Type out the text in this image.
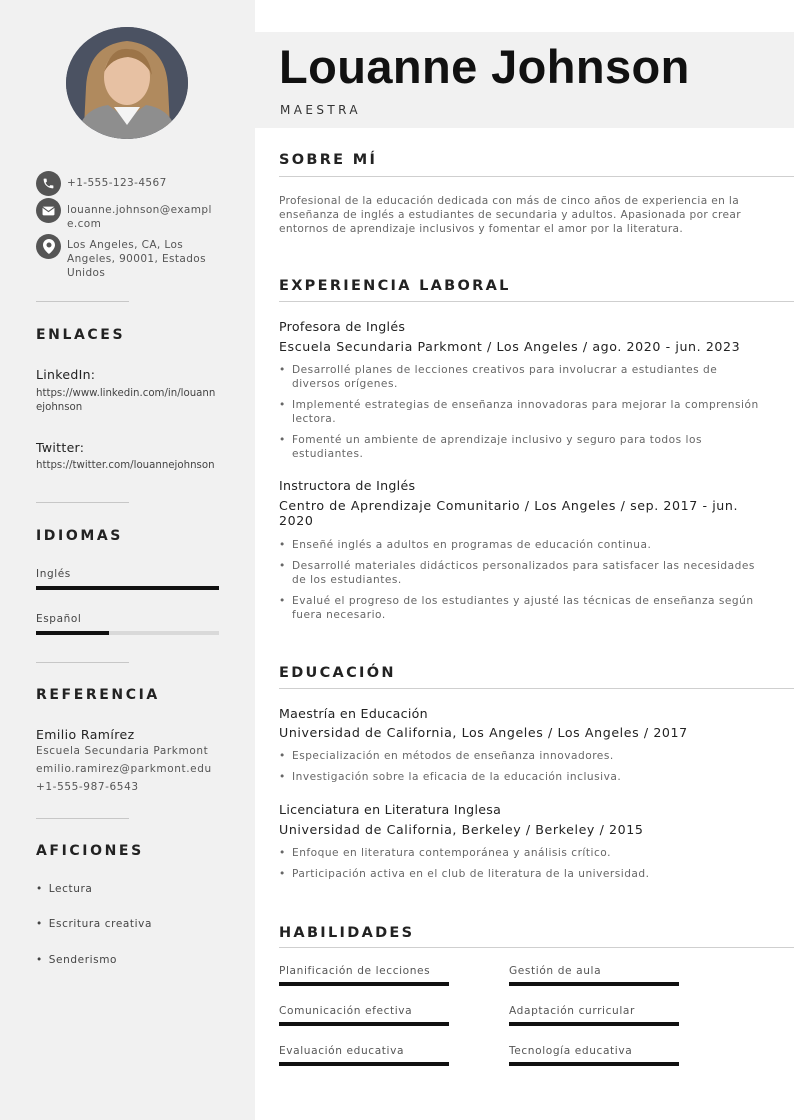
+1-555-123-4567
louanne.johnson@example.com
Los Angeles, CA, Los Angeles, 90001, Estados Unidos
ENLACES
LinkedIn:
https://www.linkedin.com/in/louannejohnson
Twitter:
https://twitter.com/louannejohnson
IDIOMAS
Inglés
Español
REFERENCIA
Emilio Ramírez
Escuela Secundaria Parkmont
emilio.ramirez@parkmont.edu
+1-555-987-6543
AFICIONES
• Lectura
• Escritura creativa
• Senderismo
Louanne Johnson
MAESTRA
SOBRE MÍ
Profesional de la educación dedicada con más de cinco años de experiencia en la enseñanza de inglés a estudiantes de secundaria y adultos. Apasionada por crear entornos de aprendizaje inclusivos y fomentar el amor por la literatura.
EXPERIENCIA LABORAL
Profesora de Inglés
Escuela Secundaria Parkmont / Los Angeles / ago. 2020 - jun. 2023
• Desarrollé planes de lecciones creativos para involucrar a estudiantes de diversos orígenes.
• Implementé estrategias de enseñanza innovadoras para mejorar la comprensión lectora.
• Fomenté un ambiente de aprendizaje inclusivo y seguro para todos los estudiantes.
Instructora de Inglés
Centro de Aprendizaje Comunitario / Los Angeles / sep. 2017 - jun. 2020
• Enseñé inglés a adultos en programas de educación continua.
• Desarrollé materiales didácticos personalizados para satisfacer las necesidades de los estudiantes.
• Evalué el progreso de los estudiantes y ajusté las técnicas de enseñanza según fuera necesario.
EDUCACIÓN
Maestría en Educación
Universidad de California, Los Angeles / Los Angeles / 2017
• Especialización en métodos de enseñanza innovadores.
• Investigación sobre la eficacia de la educación inclusiva.
Licenciatura en Literatura Inglesa
Universidad de California, Berkeley / Berkeley / 2015
• Enfoque en literatura contemporánea y análisis crítico.
• Participación activa en el club de literatura de la universidad.
HABILIDADES
Planificación de lecciones	Gestión de aula
Comunicación efectiva	Adaptación curricular
Evaluación educativa	Tecnología educativa
